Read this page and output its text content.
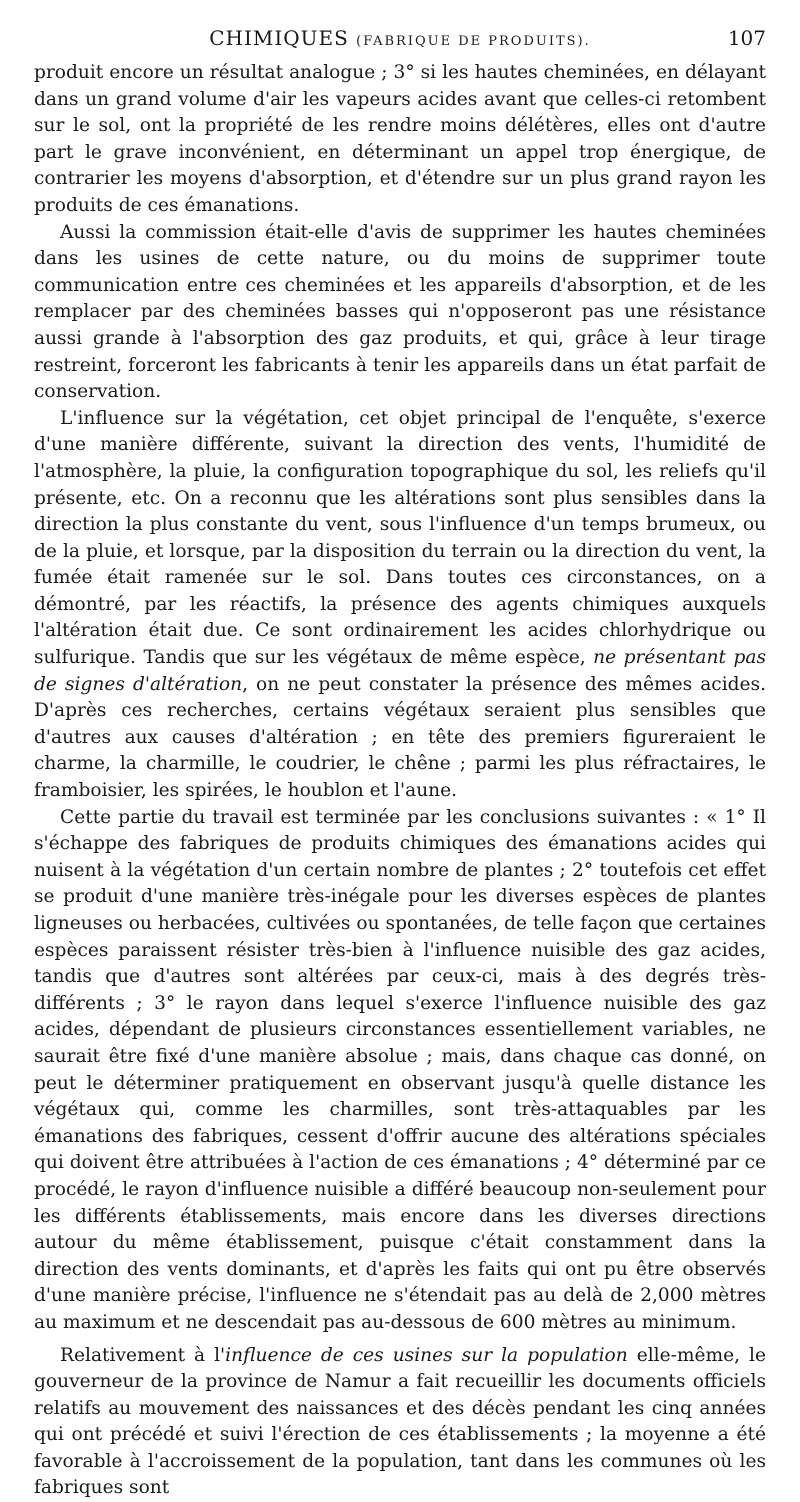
CHIMIQUES (FABRIQUE DE PRODUITS).	107

produit encore un résultat analogue ; 3° si les hautes cheminées, en délayant dans un grand volume d'air les vapeurs acides avant que celles-ci retombent sur le sol, ont la propriété de les rendre moins délétères, elles ont d'autre part le grave inconvénient, en déterminant un appel trop énergique, de contrarier les moyens d'absorption, et d'étendre sur un plus grand rayon les produits de ces émanations.

Aussi la commission était-elle d'avis de supprimer les hautes cheminées dans les usines de cette nature, ou du moins de supprimer toute communication entre ces cheminées et les appareils d'absorption, et de les remplacer par des cheminées basses qui n'opposeront pas une résistance aussi grande à l'absorption des gaz produits, et qui, grâce à leur tirage restreint, forceront les fabricants à tenir les appareils dans un état parfait de conservation.

L'influence sur la végétation, cet objet principal de l'enquête, s'exerce d'une manière différente, suivant la direction des vents, l'humidité de l'atmosphère, la pluie, la configuration topographique du sol, les reliefs qu'il présente, etc. On a reconnu que les altérations sont plus sensibles dans la direction la plus constante du vent, sous l'influence d'un temps brumeux, ou de la pluie, et lorsque, par la disposition du terrain ou la direction du vent, la fumée était ramenée sur le sol. Dans toutes ces circonstances, on a démontré, par les réactifs, la présence des agents chimiques auxquels l'altération était due. Ce sont ordinairement les acides chlorhydrique ou sulfurique. Tandis que sur les végétaux de même espèce, ne présentant pas de signes d'altération, on ne peut constater la présence des mêmes acides. D'après ces recherches, certains végétaux seraient plus sensibles que d'autres aux causes d'altération ; en tête des premiers figureraient le charme, la charmille, le coudrier, le chêne ; parmi les plus réfractaires, le framboisier, les spirées, le houblon et l'aune.

Cette partie du travail est terminée par les conclusions suivantes : « 1° Il s'échappe des fabriques de produits chimiques des émanations acides qui nuisent à la végétation d'un certain nombre de plantes ; 2° toutefois cet effet se produit d'une manière très-inégale pour les diverses espèces de plantes ligneuses ou herbacées, cultivées ou spontanées, de telle façon que certaines espèces paraissent résister très-bien à l'influence nuisible des gaz acides, tandis que d'autres sont altérées par ceux-ci, mais à des degrés très-différents ; 3° le rayon dans lequel s'exerce l'influence nuisible des gaz acides, dépendant de plusieurs circonstances essentiellement variables, ne saurait être fixé d'une manière absolue ; mais, dans chaque cas donné, on peut le déterminer pratiquement en observant jusqu'à quelle distance les végétaux qui, comme les charmilles, sont très-attaquables par les émanations des fabriques, cessent d'offrir aucune des altérations spéciales qui doivent être attribuées à l'action de ces émanations ; 4° déterminé par ce procédé, le rayon d'influence nuisible a différé beaucoup non-seulement pour les différents établissements, mais encore dans les diverses directions autour du même établissement, puisque c'était constamment dans la direction des vents dominants, et d'après les faits qui ont pu être observés d'une manière précise, l'influence ne s'étendait pas au delà de 2,000 mètres au maximum et ne descendait pas au-dessous de 600 mètres au minimum.

Relativement à l'influence de ces usines sur la population elle-même, le gouverneur de la province de Namur a fait recueillir les documents officiels relatifs au mouvement des naissances et des décès pendant les cinq années qui ont précédé et suivi l'érection de ces établissements ; la moyenne a été favorable à l'accroissement de la population, tant dans les communes où les fabriques sont
